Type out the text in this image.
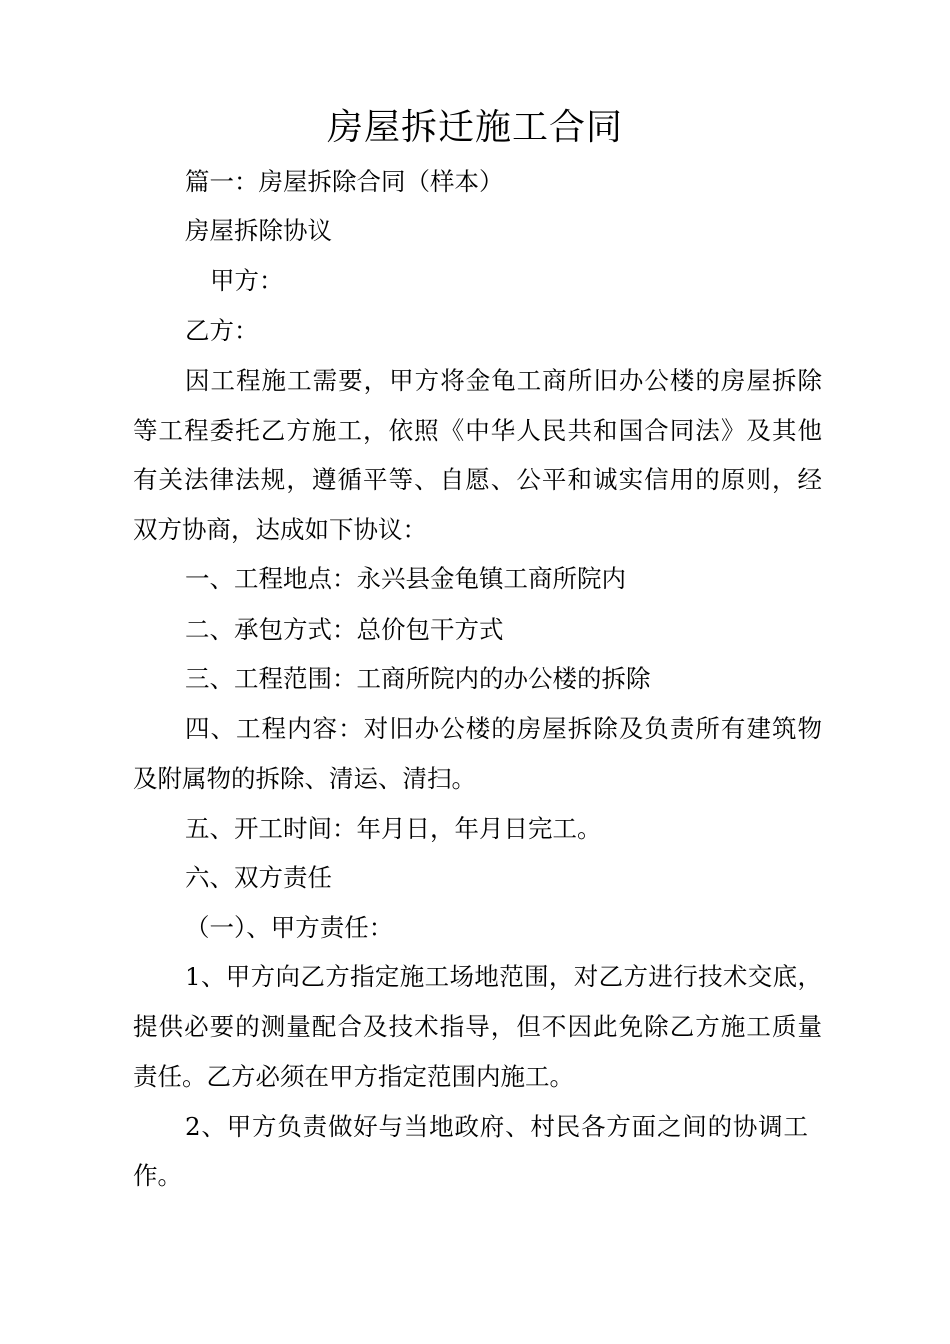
房屋拆迁施工合同
篇一：房屋拆除合同（样本）
房屋拆除协议
甲方：
乙方：
因工程施工需要，甲方将金龟工商所旧办公楼的房屋拆除
等工程委托乙方施工，依照《中华人民共和国合同法》及其他
有关法律法规，遵循平等、自愿、公平和诚实信用的原则，经
双方协商，达成如下协议：
一、工程地点：永兴县金龟镇工商所院内
二、承包方式：总价包干方式
三、工程范围：工商所院内的办公楼的拆除
四、工程内容：对旧办公楼的房屋拆除及负责所有建筑物
及附属物的拆除、清运、清扫。
五、开工时间：年月日，年月日完工。
六、双方责任
（一）、甲方责任：
1、甲方向乙方指定施工场地范围，对乙方进行技术交底，
提供必要的测量配合及技术指导，但不因此免除乙方施工质量
责任。乙方必须在甲方指定范围内施工。
2、甲方负责做好与当地政府、村民各方面之间的协调工
作。
